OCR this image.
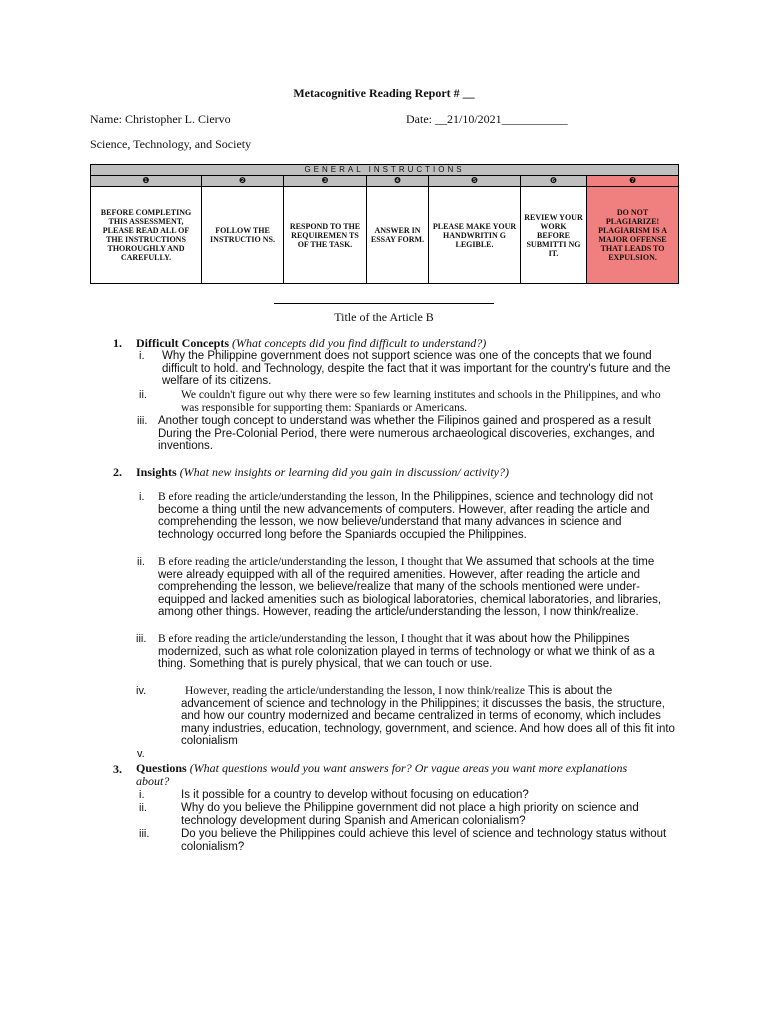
Metacognitive Reading Report # __
Name: Christopher L. Ciervo	Date: __21/10/2021___________
Science, Technology, and Society
GENERAL INSTRUCTIONS						
❶	❷	❸	❹	❺	❻	❼
BEFORE COMPLETING THIS ASSESSMENT, PLEASE READ ALL OF THE INSTRUCTIONS THOROUGHLY AND CAREFULLY.	FOLLOW THE INSTRUCTIO NS.	RESPOND TO THE REQUIREMEN TS OF THE TASK.	ANSWER IN ESSAY FORM.	PLEASE MAKE YOUR HANDWRITIN G LEGIBLE.	REVIEW YOUR WORK BEFORE SUBMITTI NG IT.	DO NOT PLAGIARIZE! PLAGIARISM IS A MAJOR OFFENSE THAT LEADS TO EXPULSION.
Title of the Article B
1. Difficult Concepts (What concepts did you find difficult to understand?)
i. Why the Philippine government does not support science was one of the concepts that we found difficult to hold. and Technology, despite the fact that it was important for the country's future and the welfare of its citizens.
ii.	We couldn't figure out why there were so few learning institutes and schools in the Philippines, and who was responsible for supporting them: Spaniards or Americans.
iii. Another tough concept to understand was whether the Filipinos gained and prospered as a result During the Pre-Colonial Period, there were numerous archaeological discoveries, exchanges, and inventions.
2. Insights (What new insights or learning did you gain in discussion/ activity?)
i. B efore reading the article/understanding the lesson, In the Philippines, science and technology did not become a thing until the new advancements of computers. However, after reading the article and comprehending the lesson, we now believe/understand that many advances in science and technology occurred long before the Spaniards occupied the Philippines.
ii. B efore reading the article/understanding the lesson, I thought that We assumed that schools at the time were already equipped with all of the required amenities. However, after reading the article and comprehending the lesson, we believe/realize that many of the schools mentioned were under-equipped and lacked amenities such as biological laboratories, chemical laboratories, and libraries, among other things. However, reading the article/understanding the lesson, I now think/realize.
iii. B efore reading the article/understanding the lesson, I thought that it was about how the Philippines modernized, such as what role colonization played in terms of technology or what we think of as a thing. Something that is purely physical, that we can touch or use.
iv.	However, reading the article/understanding the lesson, I now think/realize This is about the advancement of science and technology in the Philippines; it discusses the basis, the structure, and how our country modernized and became centralized in terms of economy, which includes many industries, education, technology, government, and science. And how does all of this fit into colonialism
v.
3. Questions (What questions would you want answers for? Or vague areas you want more explanations about?
i.	Is it possible for a country to develop without focusing on education?
ii.	Why do you believe the Philippine government did not place a high priority on science and technology development during Spanish and American colonialism?
iii.	Do you believe the Philippines could achieve this level of science and technology status without colonialism?
